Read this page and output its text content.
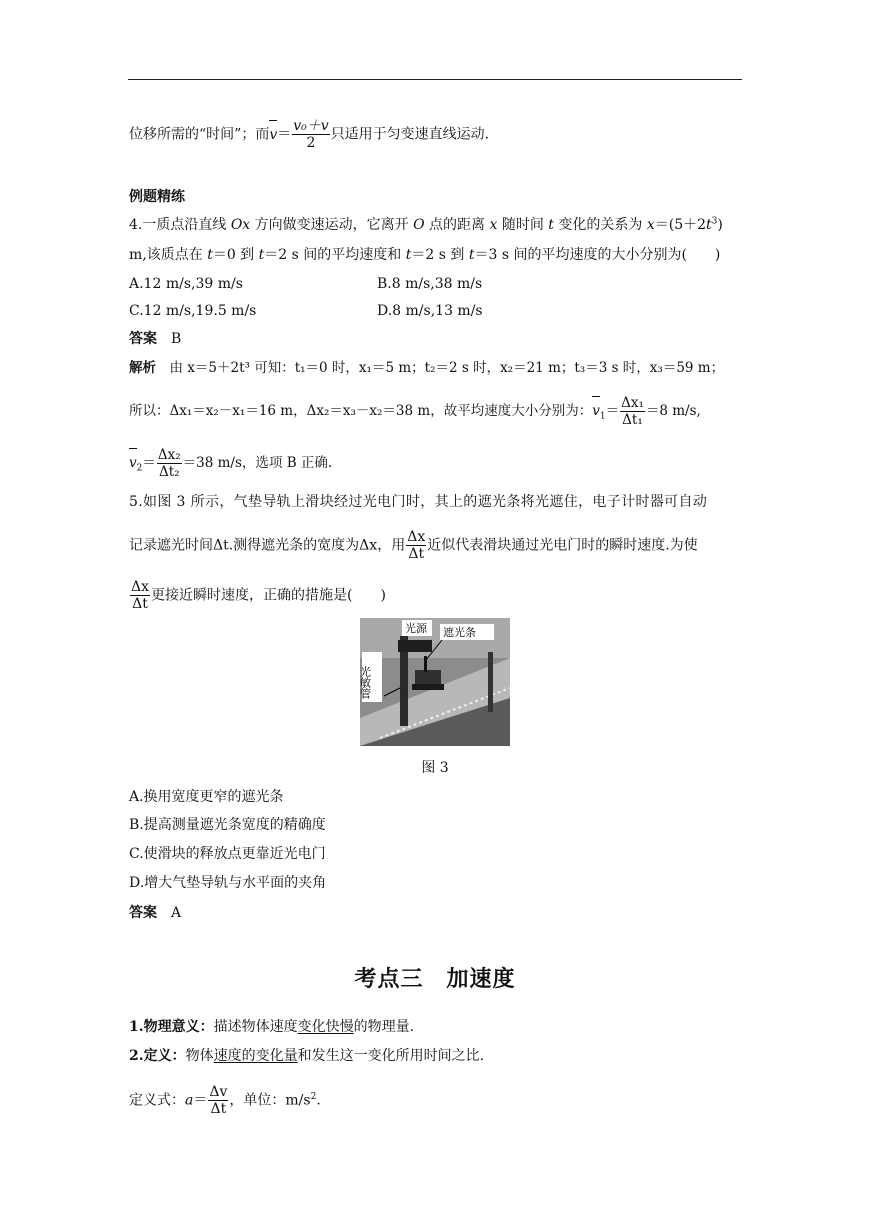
位移所需的“时间”；而$v= \frac{\text{v₀＋v}}{2}$ 只适用于匀变速直线运动.
例题精练
4.一质点沿直线 Ox 方向做变速运动，它离开 O 点的距离 x 随时间 t 变化的关系为 $x=(5+2t^3)$
m,该质点在 t＝0 到 t＝2 s 间的平均速度和 t＝2 s 到 t＝3 s 间的平均速度的大小分别为(　　)
A.12 m/s,39 m/s	B.8 m/s,38 m/s
C.12 m/s,19.5 m/s	D.8 m/s,13 m/s
答案　 B
解析　由 x＝5＋2t³ 可知：t₁＝0 时，x₁＝5 m；t₂＝2 s 时，x₂＝21 m；t₃＝3 s 时，x₃＝59 m；
所以：Δx₁＝x₂－x₁＝16 m，Δx₂＝x₃－x₂＝38 m，故平均速度大小分别为：$v_1= \frac{\text{Δx₁}}{\text{Δt₁}} =8$ m/s,
$v_2= \frac{\text{Δx₂}}{\text{Δt₂}} =38$ m/s，选项 B 正确.
5.如图 3 所示，气垫导轨上滑块经过光电门时，其上的遮光条将光遮住，电子计时器可自动
记录遮光时间Δt.测得遮光条的宽度为Δx，用 $\frac{\Delta x}{\Delta t}$ 近似代表滑块通过光电门时的瞬时速度.为使
$\frac{\Delta x}{\Delta t}$ 更接近瞬时速度，正确的措施是(　　)
光源 遮光条
光敏管
图 3
A.换用宽度更窄的遮光条
B.提高测量遮光条宽度的精确度
C.使滑块的释放点更靠近光电门
D.增大气垫导轨与水平面的夹角
答案　 A
考点三　加速度
1.物理意义：描述物体速度变化快慢的物理量.
2.定义：物体速度的变化量和发生这一变化所用时间之比.
定义式：$a= \frac{\Delta v}{\Delta t}$ ，单位：$m/s^2$.
